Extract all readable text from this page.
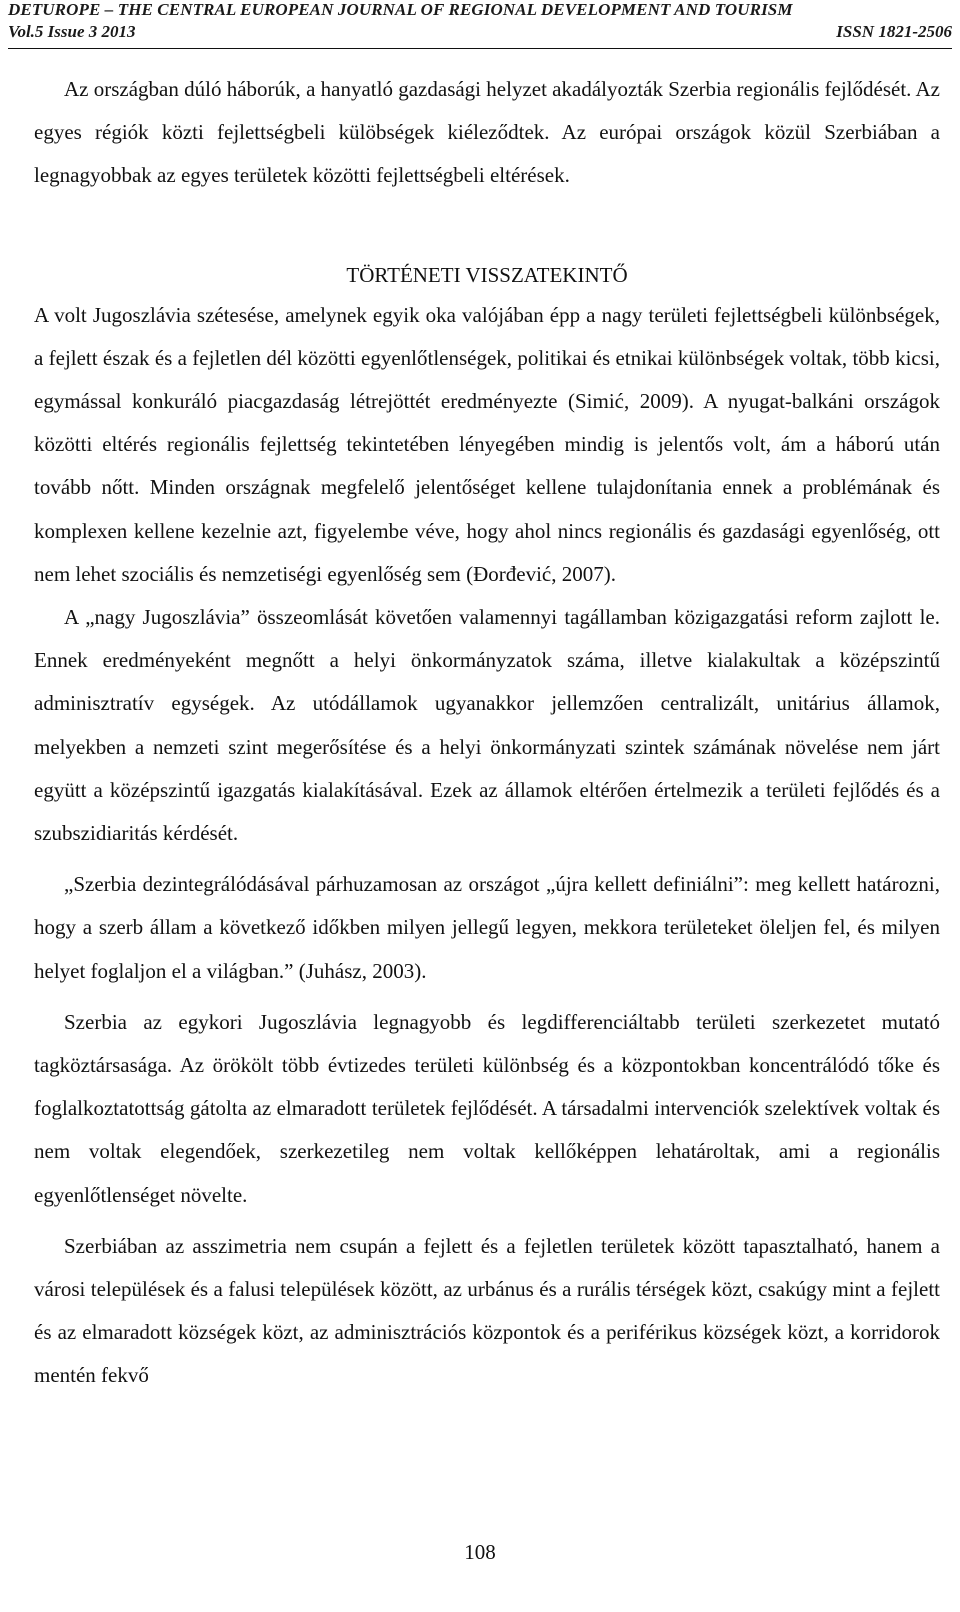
DETUROPE – THE CENTRAL EUROPEAN JOURNAL OF REGIONAL DEVELOPMENT AND TOURISM
Vol.5 Issue 3 2013	ISSN 1821-2506

Az országban dúló háborúk, a hanyatló gazdasági helyzet akadályozták Szerbia regionális fejlődését. Az egyes régiók közti fejlettségbeli külöbségek kiéleződtek. Az európai országok közül Szerbiában a legnagyobbak az egyes területek közötti fejlettségbeli eltérések.

TÖRTÉNETI VISSZATEKINTŐ

A volt Jugoszlávia szétesése, amelynek egyik oka valójában épp a nagy területi fejlettségbeli különbségek, a fejlett észak és a fejletlen dél közötti egyenlőtlenségek, politikai és etnikai különbségek voltak, több kicsi, egymással konkuráló piacgazdaság létrejöttét eredményezte (Simić, 2009). A nyugat-balkáni országok közötti eltérés regionális fejlettség tekintetében lényegében mindig is jelentős volt, ám a háború után tovább nőtt. Minden országnak megfelelő jelentőséget kellene tulajdonítania ennek a problémának és komplexen kellene kezelnie azt, figyelembe véve, hogy ahol nincs regionális és gazdasági egyenlőség, ott nem lehet szociális és nemzetiségi egyenlőség sem (Đorđević, 2007).

A „nagy Jugoszlávia” összeomlását követően valamennyi tagállamban közigazgatási reform zajlott le. Ennek eredményeként megnőtt a helyi önkormányzatok száma, illetve kialakultak a középszintű adminisztratív egységek. Az utódállamok ugyanakkor jellemzően centralizált, unitárius államok, melyekben a nemzeti szint megerősítése és a helyi önkormányzati szintek számának növelése nem járt együtt a középszintű igazgatás kialakításával. Ezek az államok eltérően értelmezik a területi fejlődés és a szubszidiaritás kérdését.

„Szerbia dezintegrálódásával párhuzamosan az országot „újra kellett definiálni”: meg kellett határozni, hogy a szerb állam a következő időkben milyen jellegű legyen, mekkora területeket öleljen fel, és milyen helyet foglaljon el a világban.” (Juhász, 2003).

Szerbia az egykori Jugoszlávia legnagyobb és legdifferenciáltabb területi szerkezetet mutató tagköztársasága. Az örökölt több évtizedes területi különbség és a központokban koncentrálódó tőke és foglalkoztatottság gátolta az elmaradott területek fejlődését. A társadalmi intervenciók szelektívek voltak és nem voltak elegendőek, szerkezetileg nem voltak kellőképpen lehatároltak, ami a regionális egyenlőtlenséget növelte.

Szerbiában az asszimetria nem csupán a fejlett és a fejletlen területek között tapasztalható, hanem a városi települések és a falusi települések között, az urbánus és a rurális térségek közt, csakúgy mint a fejlett és az elmaradott községek közt, az adminisztrációs központok és a periférikus községek közt, a korridorok mentén fekvő

108
